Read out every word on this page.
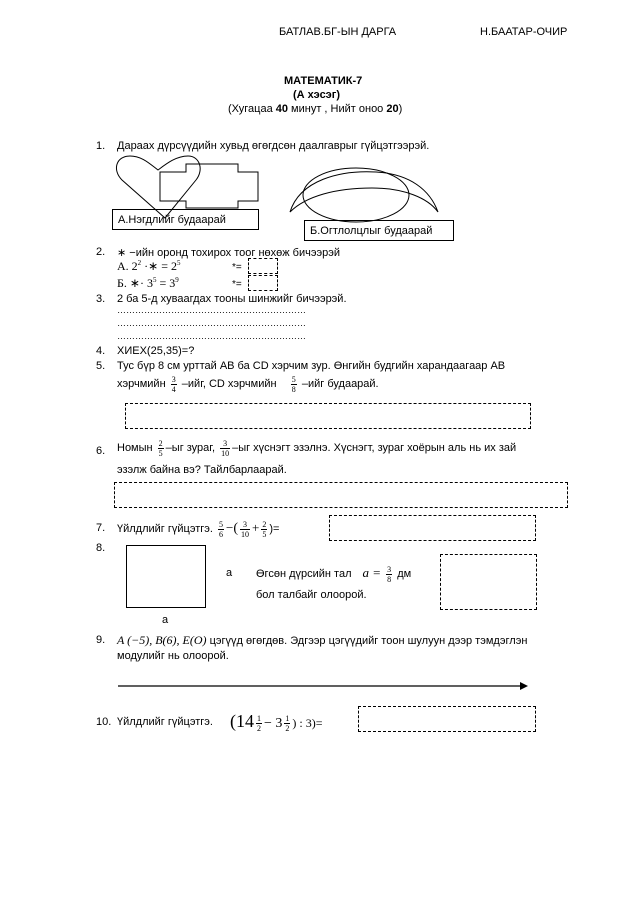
БАТЛАВ.БГ-ЫН ДАРГА	Н.БААТАР-ОЧИР
МАТЕМАТИК-7
(А хэсэг)
(Хугацаа 40 минут , Нийт оноо 20)
1. Дараах дүрсүүдийн хувьд өгөгдсөн даалгаврыг гүйцэтгээрэй.
А.Нэгдлийг будаарай
Б.Огтлолцлыг будаарай
2. ∗ −ийн оронд тохирох тоог нөхөж бичээрэй
А. $2^2$ ·∗ = $2^5$	*=
Б. ∗· $3^5 = 3^9$	*=
3. 2 ба 5-д хуваагдах тооны шинжийг бичээрэй.
………………………………………………………
………………………………………………………
………………………………………………………
4. ХИЕХ(25,35)=?
5. Тус бүр 8 см урттай АВ ба CD хэрчим зур. Өнгийн будгийн харандаагаар АВ
хэрчмийн $\frac{3}{4} -ийг$, CD хэрчмийн $\frac{5}{8} -ийг$ будаарай.
6. Номын $\frac{2}{5} -ыг$ зураг, $\frac{3}{10} -ыг$ хүснэгт эзэлнэ. Хүснэгт, зураг хоёрын аль нь их зай
эзэлж байна вэ? Тайлбарлаарай.
7. Үйлдлийг гүйцэтгэ. $\frac{5}{6}$ −( $\frac{3}{10} + \frac{2}{5}$ )=
8.
а
а
Өгсөн дүрсийн тал $a = \frac{3}{8}$ дм
бол талбайг олоорой.
9. A (−5), B(6), E(O) цэгүүд өгөгдөв. Эдгээр цэгүүдийг тоон шулуун дээр тэмдэглэн
модулийг нь олоорой.
10. Үйлдлийг гүйцэтгэ. ($14 \frac{1}{2} - 3 \frac{1}{2}$ ) : 3)=
